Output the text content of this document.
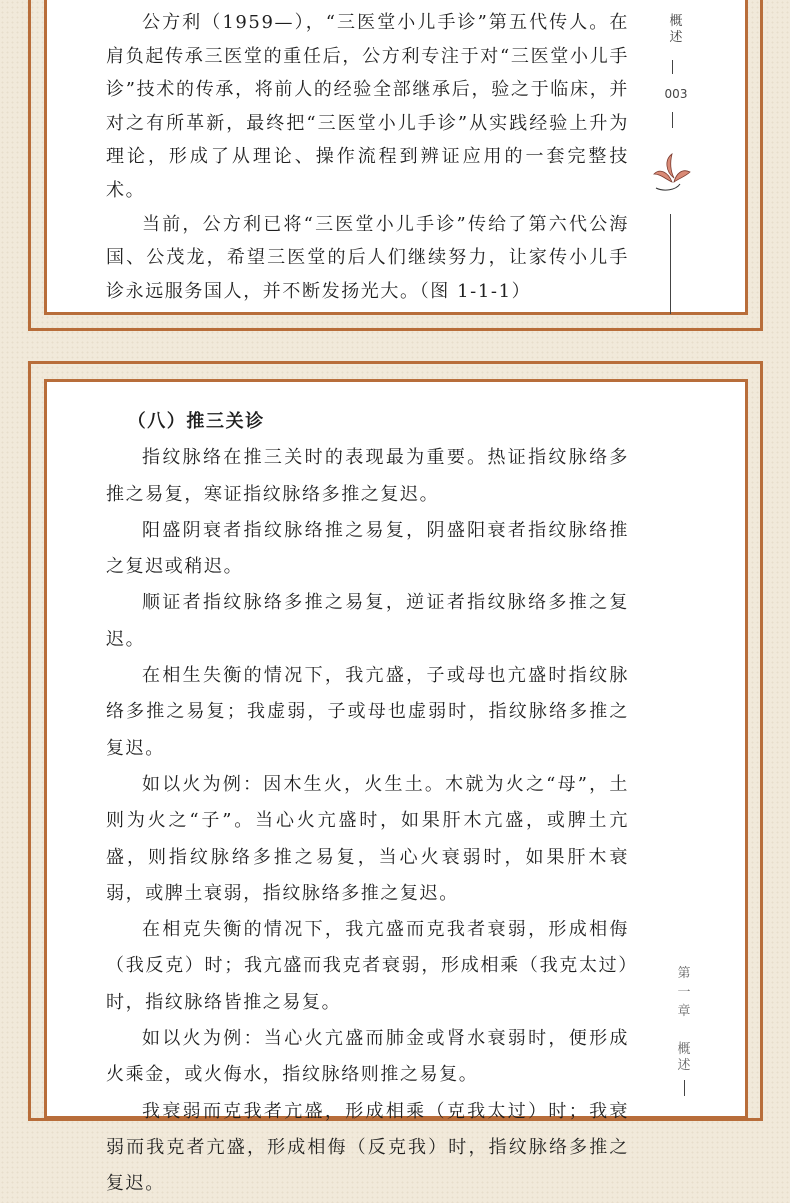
公方利（1959—），“三医堂小儿手诊”第五代传人。在肩负起传承三医堂的重任后，公方利专注于对“三医堂小儿手诊”技术的传承，将前人的经验全部继承后，验之于临床，并对之有所革新，最终把“三医堂小儿手诊”从实践经验上升为理论，形成了从理论、操作流程到辨证应用的一套完整技术。

当前，公方利已将“三医堂小儿手诊”传给了第六代公海国、公茂龙，希望三医堂的后人们继续努力，让家传小儿手诊永远服务国人，并不断发扬光大。（图 1-1-1）

概
述
003

（八）推三关诊

指纹脉络在推三关时的表现最为重要。热证指纹脉络多推之易复，寒证指纹脉络多推之复迟。

阳盛阴衰者指纹脉络推之易复，阴盛阳衰者指纹脉络推之复迟或稍迟。

顺证者指纹脉络多推之易复，逆证者指纹脉络多推之复迟。

在相生失衡的情况下，我亢盛，子或母也亢盛时指纹脉络多推之易复；我虚弱，子或母也虚弱时，指纹脉络多推之复迟。

如以火为例：因木生火，火生土。木就为火之“母”，土则为火之“子”。当心火亢盛时，如果肝木亢盛，或脾土亢盛，则指纹脉络多推之易复，当心火衰弱时，如果肝木衰弱，或脾土衰弱，指纹脉络多推之复迟。

在相克失衡的情况下，我亢盛而克我者衰弱，形成相侮（我反克）时；我亢盛而我克者衰弱，形成相乘（我克太过）时，指纹脉络皆推之易复。

如以火为例：当心火亢盛而肺金或肾水衰弱时，便形成火乘金，或火侮水，指纹脉络则推之易复。

我衰弱而克我者亢盛，形成相乘（克我太过）时；我衰弱而我克者亢盛，形成相侮（反克我）时，指纹脉络多推之复迟。

第
一
章
概
述
